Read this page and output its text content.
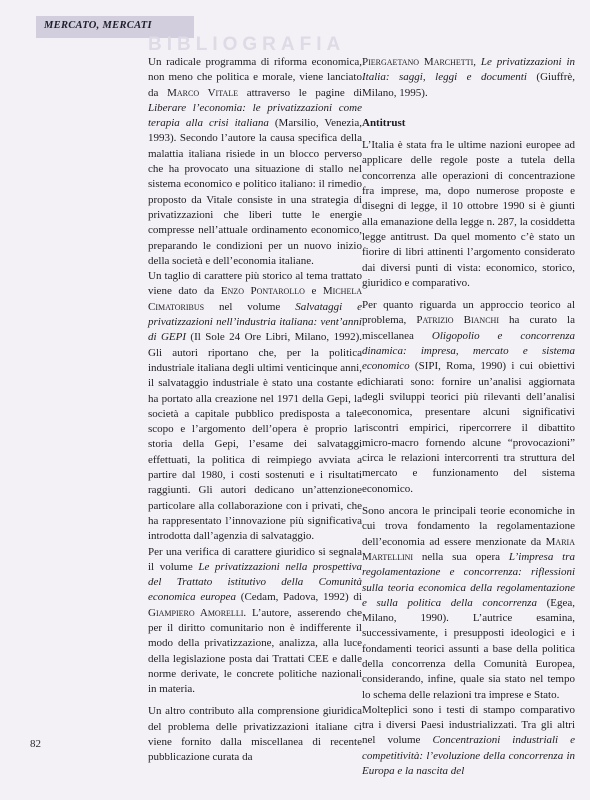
MERCATO, MERCATI
BIBLIOGRAFIA

Un radicale programma di riforma economica, non meno che politica e morale, viene lanciato da Marco Vitale attraverso le pagine di Liberare l’economia: le privatizzazioni come terapia alla crisi italiana (Marsilio, Venezia, 1993). Secondo l’autore la causa specifica della malattia italiana risiede in un blocco perverso che ha provocato una situazione di stallo nel sistema economico e politico italiano: il rimedio proposto da Vitale consiste in una strategia di privatizzazioni che liberi tutte le energie compresse nell’attuale ordinamento economico, preparando le condizioni per un nuovo inizio della società e dell’economia italiane.

Un taglio di carattere più storico al tema trattato viene dato da Enzo Pontarollo e Michela Cimatoribus nel volume Salvataggi e privatizzazioni nell’industria italiana: vent’anni di GEPI (Il Sole 24 Ore Libri, Milano, 1992). Gli autori riportano che, per la politica industriale italiana degli ultimi venticinque anni, il salvataggio industriale è stato una costante e ha portato alla creazione nel 1971 della Gepi, la società a capitale pubblico predisposta a tale scopo e l’argomento dell’opera è proprio la storia della Gepi, l’esame dei salvataggi effettuati, la politica di reimpiego avviata a partire dal 1980, i costi sostenuti e i risultati raggiunti. Gli autori dedicano un’attenzione particolare alla collaborazione con i privati, che ha rappresentato l’innovazione più significativa introdotta dall’agenzia di salvataggio.

Per una verifica di carattere giuridico si segnala il volume Le privatizzazioni nella prospettiva del Trattato istitutivo della Comunità economica europea (Cedam, Padova, 1992) di Giampiero Amorelli. L’autore, asserendo che per il diritto comunitario non è indifferente il modo della privatizzazione, analizza, alla luce della legislazione posta dai Trattati CEE e dalle norme derivate, le concrete politiche nazionali in materia.

Un altro contributo alla comprensione giuridica del problema delle privatizzazioni italiane ci viene fornito dalla miscellanea di recente pubblicazione curata da

Piergaetano Marchetti, Le privatizzazioni in Italia: saggi, leggi e documenti (Giuffrè, Milano, 1995).

Antitrust

L’Italia è stata fra le ultime nazioni europee ad applicare delle regole poste a tutela della concorrenza alle operazioni di concentrazione fra imprese, ma, dopo numerose proposte e disegni di legge, il 10 ottobre 1990 si è giunti alla emanazione della legge n. 287, la cosiddetta legge antitrust. Da quel momento c’è stato un fiorire di libri attinenti l’argomento considerato dai diversi punti di vista: economico, storico, giuridico e comparativo.

Per quanto riguarda un approccio teorico al problema, Patrizio Bianchi ha curato la miscellanea Oligopolio e concorrenza dinamica: impresa, mercato e sistema economico (SIPI, Roma, 1990) i cui obiettivi dichiarati sono: fornire un’analisi aggiornata degli sviluppi teorici più rilevanti dell’analisi economica, presentare alcuni significativi riscontri empirici, ripercorrere il dibattito micro-macro fornendo alcune “provocazioni” circa le relazioni intercorrenti tra struttura del mercato e funzionamento del sistema economico.

Sono ancora le principali teorie economiche in cui trova fondamento la regolamentazione dell’economia ad essere menzionate da Maria Martellini nella sua opera L’impresa tra regolamentazione e concorrenza: riflessioni sulla teoria economica della regolamentazione e sulla politica della concorrenza (Egea, Milano, 1990). L’autrice esamina, successivamente, i presupposti ideologici e i fondamenti teorici assunti a base della politica della concorrenza della Comunità Europea, considerando, infine, quale sia stato nel tempo lo schema delle relazioni tra imprese e Stato.

Molteplici sono i testi di stampo comparativo tra i diversi Paesi industrializzati. Tra gli altri nel volume Concentrazioni industriali e competitività: l’evoluzione della concorrenza in Europa e la nascita del

82
